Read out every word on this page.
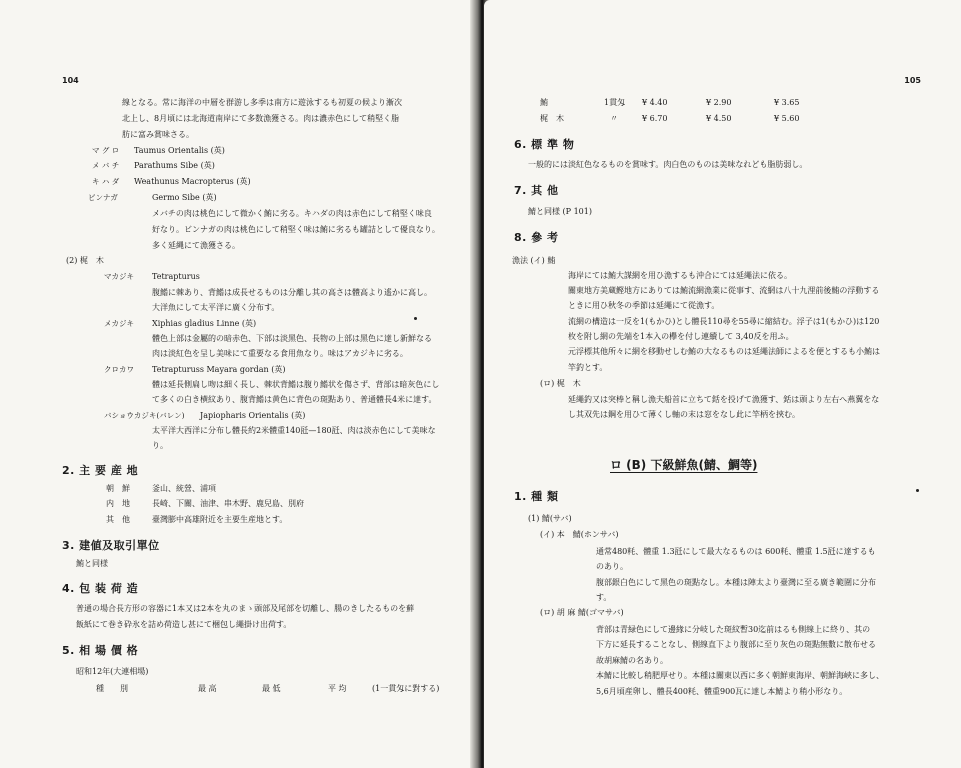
104
線となる。常に海洋の中層を群游し多季は南方に遊泳するも初夏の候より漸次
北上し、8月頃には北海道南岸にて多数漁獲さる。肉は濃赤色にして稍堅く脂
肪に富み賞味さる。
マ グ ロ Taumus Orientalis (英)
メ バ チ Parathums Sibe (英)
キ ハ ダ Weathunus Macropterus (英)
ビンナガ	Germo Sibe (英)
メバチの肉は桃色にして微かく鮪に劣る。キハダの肉は赤色にして稍堅く味良
好なり。ビンナガの肉は桃色にして稍堅く味は鮪に劣るも罐詰として優良なり。
多く延縄にて漁獲さる。
(2) 梶　木
マカジキ Tetrapturus
腹鰭に棘あり、背鰭は成長せるものは分離し其の高さは體高より遙かに高し。
大洋魚にして太平洋に廣く分布す。
メカジキ Xiphias gladius Linne (英)
體色上部は金屬的の暗赤色、下部は淡黑色、長物の上部は黑色に達し新鮮なる
肉は淡紅色を呈し美味にて重要なる食用魚なり。味はアカジキに劣る。
クロカワ Tetrapturuss Mayara gordan (英)
體は延長側扁し吻は細く長し、棘状背鰭は腹り鰭状を傷さず、背部は暗灰色にし
て多くの白き横紋あり、腹背鰭は黄色に背色の斑點あり、普通體長4米に達す。
バショウカジキ(バレン) Japiopharis Orientalis (英)
太平洋大西洋に分布し體長約2米體重140瓩—180瓩、肉は淡赤色にして美味な
り。
2. 主 要 産 地
朝　鮮	釜山、統營、浦項
内　地	長崎、下關、油津、串木野、鹿兒島、別府
其　他	臺灣膨中高雄附近を主要生産地とす。
3. 建値及取引單位
鮪と同様
4. 包 装 荷 造
普通の場合長方形の容器に1本又は2本を丸のまゝ頭部及尾部を切離し、腸のきしたるものを蘚
飯紙にて巻き砕氷を詰め荷造し甚にて梱包し繩掛け出荷す。
5. 相 場 價 格
昭和12年(大連相場)
種　　別	最 高	最 低	平 均	(1一貫匁に對する)
105
鮪	1貫匁 ¥ 4.40	¥ 2.90	¥ 3.65
梶　木	〃	¥ 6.70	¥ 4.50	¥ 5.60
6. 標 準 物
一般的には淡紅色なるものを賞味す。肉白色のものは美味なれども脂肪弱し。
7. 其 他
鯖と同様 (P 101)
8. 參 考
漁法 (イ) 鮪
海岸にては鮪大謀網を用ひ漁するも沖合にては延繩法に依る。
關東地方美蔵鰹地方にありては鮪流網漁業に從事す、流網は八十九浬前後鮪の浮動する
ときに用ひ秋冬の季節は延繩にて從漁す。
流網の構造は一反を1(もかひ)とし體長110尋を55尋に縮結む。浮子は1(もかひ)は120
枚を附し網の先端を1本入の欅を付し連續して 3,40反を用ふ。
元浮標其他所々に網を移動せしむ鮪の大なるものは延繩法師によるを便とするも小鮪は
竿釣とす。
(ロ) 梶　木
延繩釣又は突棒と稱し漁夫船首に立ちて銛を投げて漁獲す、銛は頭より左右へ燕翼をな
し其双先は鋼を用ひて薄くし軸の末は窓をなし此に竿柄を挾む。
ロ (B) 下級鮮魚(鯖、鯛等)
1. 種 類
(1) 鯖(サバ)
(イ) 本　鯖(ホンサバ)
通常480粍、體重 1.3瓩にして最大なるものは 600粍、體重 1.5瓩に達するも
のあり。
腹部銀白色にして黑色の斑點なし。本種は陣太より臺灣に至る廣き範圍に分布
す。
(ロ) 胡 麻 鯖(ゴマサバ)
背部は青緑色にして邊緣に分岐した斑紋暫30迄前はるも側線上に終り、其の
下方に延長することなし、側線直下より腹部に至り灰色の斑點無數に散布せる
故胡麻鯖の名あり。
本鯖に比較し稍肥厚せり。本種は關東以西に多く朝鮮東海岸、朝鮮海峽に多し、
5,6月頃産卵し、體長400粍、體重900瓦に達し本鯖より稍小形なり。
